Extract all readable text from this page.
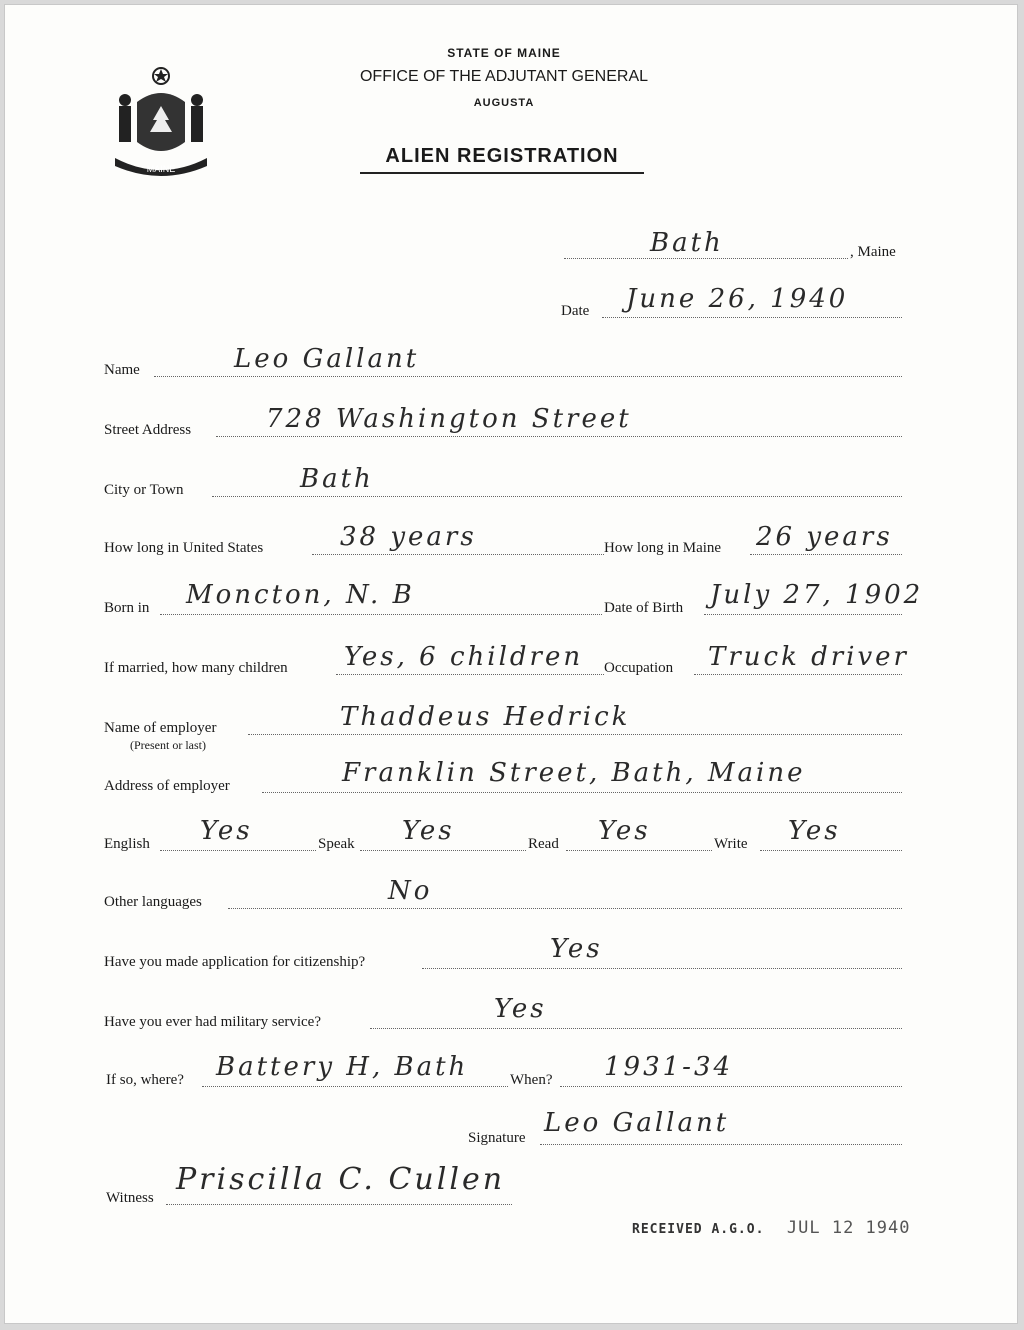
MAINE
STATE OF MAINE
OFFICE OF THE ADJUTANT GENERAL
AUGUSTA
ALIEN REGISTRATION
Bath	, Maine
Date June 26, 1940
Name	Leo Gallant
Street Address	728 Washington Street
City or Town	Bath
How long in United States	38 years	How long in Maine 26 years
Born in Moncton, N. B	Date of Birth July 27, 1902
If married, how many children Yes, 6 children Occupation Truck driver
Name of employer
(Present or last)
Thaddeus Hedrick
Address of employer	Franklin Street, Bath, Maine
English Yes	Speak Yes	Read Yes	Write Yes
Other languages	No
Have you made application for citizenship?	Yes
Have you ever had military service?	Yes
If so, where? Battery H, Bath	When? 1931-34
Signature Leo Gallant
Witness
Priscilla C. Cullen
RECEIVED A.G.O. JUL 12 1940
